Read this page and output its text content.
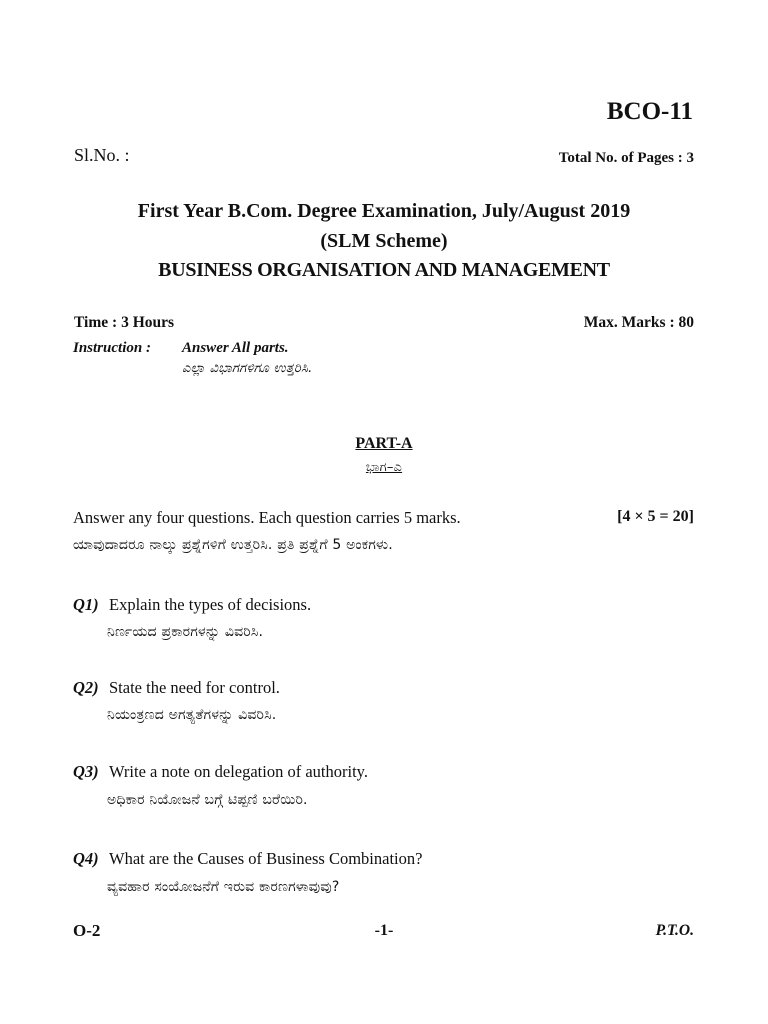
BCO-11
Sl.No. :	Total No. of Pages : 3
First Year B.Com. Degree Examination, July/August 2019
(SLM Scheme)
BUSINESS ORGANISATION AND MANAGEMENT
Time : 3 Hours	Max. Marks : 80
Instruction : Answer All parts.
ಎಲ್ಲಾ ವಿಭಾಗಗಳಿಗೂ ಉತ್ತರಿಸಿ.
PART-A
ಭಾಗ–ಎ
Answer any four questions. Each question carries 5 marks.	[4 × 5 = 20]
ಯಾವುದಾದರೂ ನಾಲ್ಕು ಪ್ರಶ್ನೆಗಳಿಗೆ ಉತ್ತರಿಸಿ. ಪ್ರತಿ ಪ್ರಶ್ನೆಗೆ 5 ಅಂಕಗಳು.
Q1) Explain the types of decisions.
ನಿರ್ಣಯದ ಪ್ರಕಾರಗಳನ್ನು ವಿವರಿಸಿ.
Q2) State the need for control.
ನಿಯಂತ್ರಣದ ಅಗತ್ಯತೆಗಳನ್ನು ವಿವರಿಸಿ.
Q3) Write a note on delegation of authority.
ಅಧಿಕಾರ ನಿಯೋಜನೆ ಬಗ್ಗೆ ಟಿಪ್ಪಣಿ ಬರೆಯಿರಿ.
Q4) What are the Causes of Business Combination?
ವ್ಯವಹಾರ ಸಂಯೋಜನೆಗೆ ಇರುವ ಕಾರಣಗಳಾವುವು?
O-2	-1-	P.T.O.
